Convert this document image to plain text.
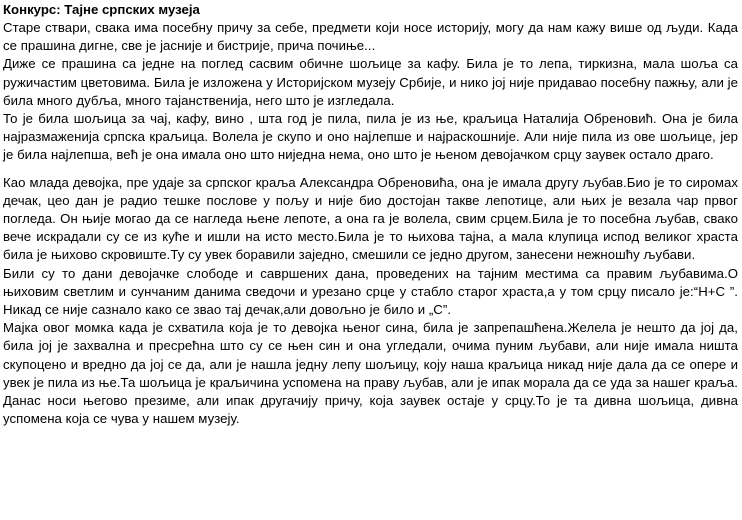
Конкурс: Тајне српских музеја

Старе ствари, свака има посебну причу за себе, предмети који носе историју, могу да нам кажу више од људи. Када се прашина дигне, све је јасније и бистрије, прича почиње...

Диже се прашина са једне на поглед сасвим обичне шољице за кафу. Била је то лепа, тиркизна, мала шоља са ружичастим цветовима. Била је изложена у Историјском музеју Србије, и нико јој није придавао посебну пажњу, али је била много дубља, много тајанственија, него што је изгледала.

То је била шољица за чај, кафу, вино , шта год је пила, пила је из ње, краљица Наталија Обреновић. Она је била најразмаженија српска краљица. Волела је скупо и оно најлепше и најраскошније. Али није пила из ове шољице, јер је била најлепша, већ је она имала оно што ниједна нема, оно што је њеном девојачком срцу заувек остало драго.

Као млада девојка, пре удаје за српског краља Александра Обреновића, она је имала другу љубав.Био је то сиромах дечак, цео дан је радио тешке послове у пољу и није био достојан такве лепотице, али њих је везала чар првог погледа. Он њије могао да се нагледа њене лепоте, а она га је волела, свим срцем.Била је то посебна љубав, свако вече искрадали су се из куће и ишли на исто место.Била је то њихова тајна, а мала клупица испод великог храста била је њихово скровиште.Ту су увек боравили заједно, смешили се једно другом, занесени нежношћу љубави.

Били су то дани девојачке слободе и савршених дана, проведених на тајним местима са правим љубавима.О њиховим светлим и сунчаним данима сведочи и урезано срце у стабло старог храста,а у том срцу писало је:“Н+С ”. Никад се није сазнало како се звао тај дечак,али довољно је било и „С”.

Мајка овог момка када је схватила која је то девојка њеног сина, била је запрепашћена.Желела је нешто да јој да, била јој је захвална и пресрећна што су се њен син и она угледали, очима пуним љубави, али није имала ништа скупоцено и вредно да јој се да, али је нашла једну лепу шољицу, коју наша краљица никад није дала да се опере и увек је пила из ње.Та шољица је краљичина успомена на праву љубав, али је ипак морала да се уда за нашег краља. Данас носи његово презиме, али ипак другачију причу, која заувек остаје у срцу.То је та дивна шољица, дивна успомена која се чува у нашем музеју.
